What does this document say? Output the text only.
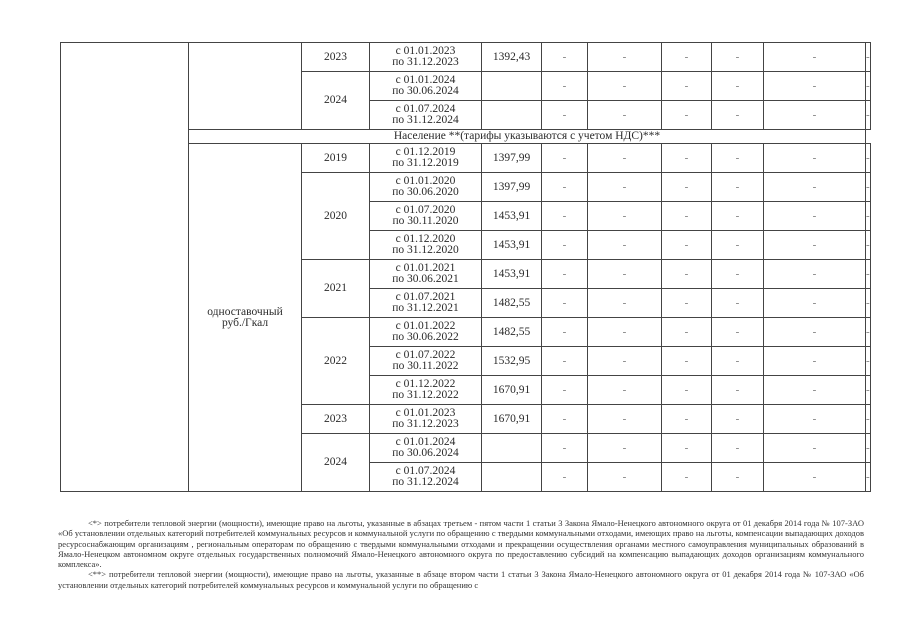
		2023	с 01.01.2023
по 31.12.2023	1392,43	-	-	-	-	-	-
		2024	с 01.01.2024
по 30.06.2024		-	-	-	-	-	-

			с 01.07.2024
по 31.12.2024		-	-	-	-	-	-
	Население **(тарифы указываются с учетом НДС)***									
	одноставочный руб./Гкал	2019	с 01.12.2019
по 31.12.2019	1397,99	-	-	-	-	-	-
		2020	с 01.01.2020
по 30.06.2020	1397,99	-	-	-	-	-	-

			с 01.07.2020
по 30.11.2020	1453,91	-	-	-	-	-	-

			с 01.12.2020
по 31.12.2020	1453,91	-	-	-	-	-	-
		2021	с 01.01.2021
по 30.06.2021	1453,91	-	-	-	-	-	-

			с 01.07.2021
по 31.12.2021	1482,55	-	-	-	-	-	-
		2022	с 01.01.2022
по 30.06.2022	1482,55	-	-	-	-	-	-

			с 01.07.2022
по 30.11.2022	1532,95	-	-	-	-	-	-

			с 01.12.2022
по 31.12.2022	1670,91	-	-	-	-	-	-
		2023	с 01.01.2023
по 31.12.2023	1670,91	-	-	-	-	-	-
		2024	с 01.01.2024
по 30.06.2024		-	-	-	-	-	-

			с 01.07.2024
по 31.12.2024		-	-	-	-	-	-

<*> потребители тепловой энергии (мощности), имеющие право на льготы, указанные в абзацах третьем - пятом части 1 статьи 3 Закона Ямало-Ненецкого автономного округа от 01 декабря 2014 года № 107-ЗАО «Об установлении отдельных категорий потребителей коммунальных ресурсов и коммунальной услуги по обращению с твердыми коммунальными отходами, имеющих право на льготы, компенсации выпадающих доходов ресурсоснабжающим организациям , региональным операторам по обращению с твердыми коммунальными отходами и прекращении осуществления органами местного самоуправления муниципальных образований в Ямало-Ненецком автономном округе отдельных государственных полномочий Ямало-Ненецкого автономного округа по предоставлению субсидий на компенсацию выпадающих доходов организациям коммунального комплекса».

<**> потребители тепловой энергии (мощности), имеющие право на льготы, указанные в абзаце втором части 1 статьи 3 Закона Ямало-Ненецкого автономного округа от 01 декабря 2014 года № 107-ЗАО «Об установлении отдельных категорий потребителей коммунальных ресурсов и коммунальной услуги по обращению с
